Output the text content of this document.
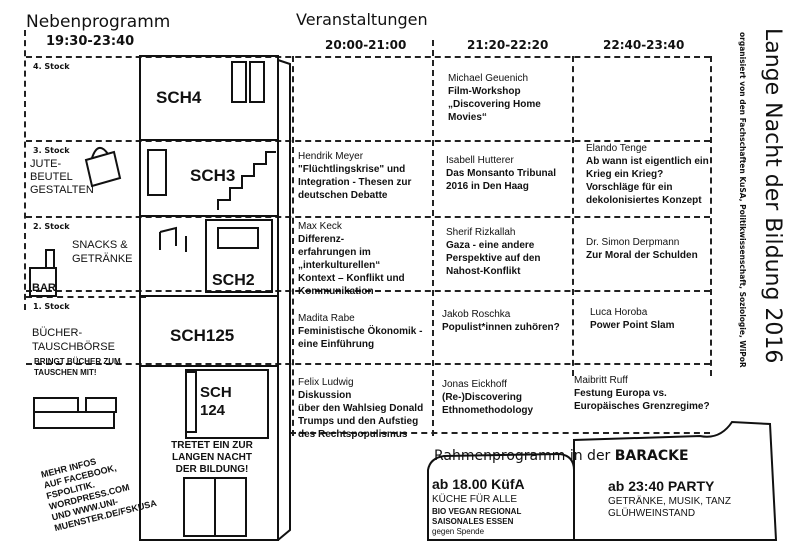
Nebenprogramm
19:30-23:40
Veranstaltungen
20:00-21:00	21:20-22:20	22:40-23:40
4. Stock
3. Stock
2. Stock
1. Stock
SCH4
SCH3
SCH2
SCH125
SCH
124
TRETET EIN ZUR
LANGEN NACHT
DER BILDUNG!
JUTE-
BEUTEL
GESTALTEN
SNACKS &
GETRÄNKE
BAR
BÜCHER-
TAUSCHBÖRSE
BRINGT BÜCHER ZUM
TAUSCHEN MIT!
MEHR INFOS
AUF FACEBOOK,
FSPOLITIK.
WORDPRESS.COM
UND WWW.UNI-
MUENSTER.DE/FSKUSA
Michael Geuenich
Film-Workshop
„Discovering Home
Movies“
Hendrik Meyer
"Flüchtlingskrise" und
Integration - Thesen zur
deutschen Debatte
Isabell Hutterer
Das Monsanto Tribunal
2016 in Den Haag
Elando Tenge
Ab wann ist eigentlich ein
Krieg ein Krieg?
Vorschläge für ein
dekolonisiertes Konzept
Max Keck
Differenz-
erfahrungen im
„interkulturellen“
Kontext – Konflikt und
Kommunikation
Sherif Rizkallah
Gaza - eine andere
Perspektive auf den
Nahost-Konflikt
Dr. Simon Derpmann
Zur Moral der Schulden
Madita Rabe
Feministische Ökonomik -
eine Einführung
Jakob Roschka
Populist*innen zuhören?
Luca Horoba
Power Point Slam
Felix Ludwig
Diskussion
über den Wahlsieg Donald
Trumps und den Aufstieg
des Rechtspopulismus
Jonas Eickhoff
(Re-)Discovering
Ethnomethodology
Maibritt Ruff
Festung Europa vs.
Europäisches Grenzregime?
Rahmenprogramm in der BARACKE
ab 18.00 KüfA
KÜCHE FÜR ALLE
BIO VEGAN REGIONAL
SAISONALES ESSEN
gegen Spende
ab 23:40 PARTY
GETRÄNKE, MUSIK, TANZ
GLÜHWEINSTAND
Lange Nacht der Bildung 2016
organisiert von den Fachschaften KuSA, Politikwissenschaft, Soziologie, WiPoR
